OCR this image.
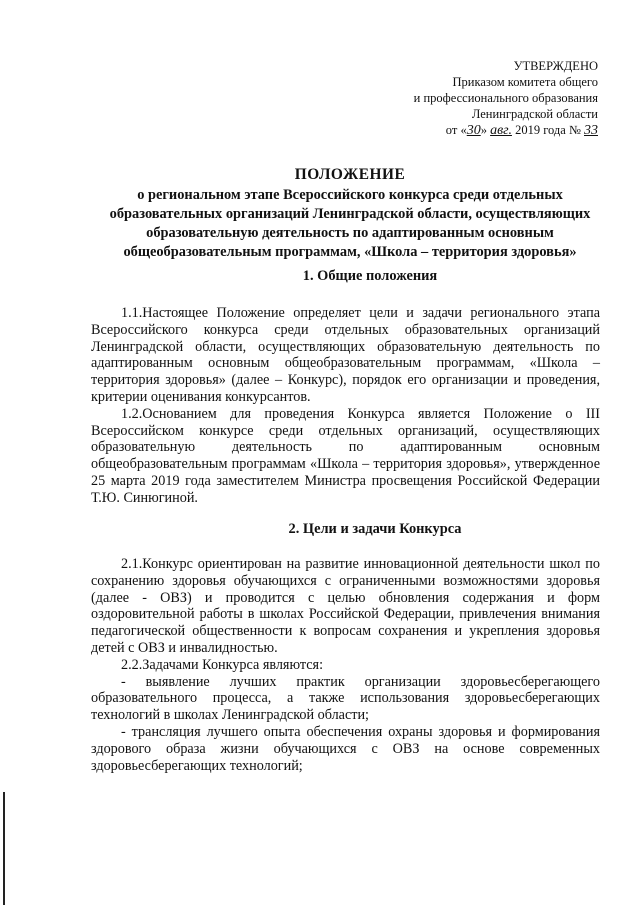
УТВЕРЖДЕНО
Приказом комитета общего
и профессионального образования
Ленинградской области
от «30» авг. 2019 года № 33
ПОЛОЖЕНИЕ
о региональном этапе Всероссийского конкурса среди отдельных
образовательных организаций Ленинградской области, осуществляющих
образовательную деятельность по адаптированным основным
общеобразовательным программам, «Школа – территория здоровья»
1. Общие положения

1.1.Настоящее Положение определяет цели и задачи регионального этапа Всероссийского конкурса среди отдельных образовательных организаций Ленинградской области, осуществляющих образовательную деятельность по адаптированным основным общеобразовательным программам, «Школа – территория здоровья» (далее – Конкурс), порядок его организации и проведения, критерии оценивания конкурсантов.

1.2.Основанием для проведения Конкурса является Положение о III Всероссийском конкурсе среди отдельных организаций, осуществляющих образовательную деятельность по адаптированным основным общеобразовательным программам «Школа – территория здоровья», утвержденное 25 марта 2019 года заместителем Министра просвещения Российской Федерации Т.Ю. Синюгиной.

2. Цели и задачи Конкурса

2.1.Конкурс ориентирован на развитие инновационной деятельности школ по сохранению здоровья обучающихся с ограниченными возможностями здоровья (далее - ОВЗ) и проводится с целью обновления содержания и форм оздоровительной работы в школах Российской Федерации, привлечения внимания педагогической общественности к вопросам сохранения и укрепления здоровья детей с ОВЗ и инвалидностью.

2.2.Задачами Конкурса являются:

- выявление лучших практик организации здоровьесберегающего образовательного процесса, а также использования здоровьесберегающих технологий в школах Ленинградской области;

- трансляция лучшего опыта обеспечения охраны здоровья и формирования здорового образа жизни обучающихся с ОВЗ на основе современных здоровьесберегающих технологий;
